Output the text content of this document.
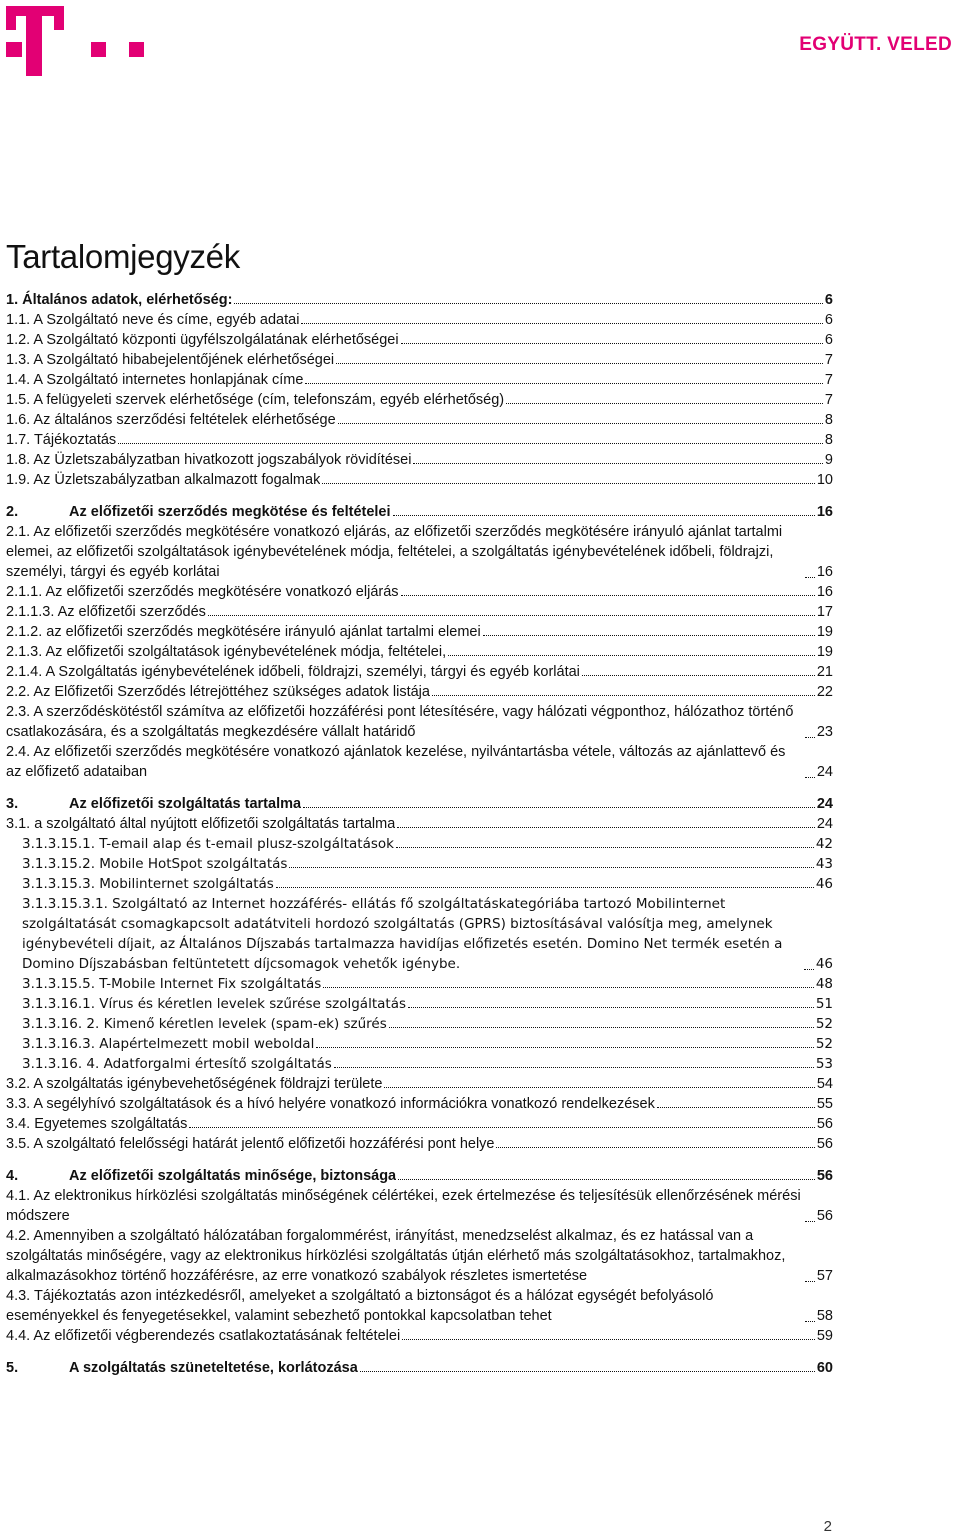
EGYÜTT. VELED
Tartalomjegyzék
1. Általános adatok, elérhetőség:	6
1.1. A Szolgáltató neve és címe, egyéb adatai	6
1.2. A Szolgáltató központi ügyfélszolgálatának elérhetőségei	6
1.3. A Szolgáltató hibabejelentőjének elérhetőségei	7
1.4. A Szolgáltató internetes honlapjának címe	7
1.5. A felügyeleti szervek elérhetősége (cím, telefonszám, egyéb elérhetőség)	7
1.6. Az általános szerződési feltételek elérhetősége	8
1.7. Tájékoztatás	8
1.8. Az Üzletszabályzatban hivatkozott jogszabályok rövidítései	9
1.9. Az Üzletszabályzatban alkalmazott fogalmak	10
2.	Az előfizetői szerződés megkötése és feltételei	16
2.1. Az előfizetői szerződés megkötésére vonatkozó eljárás, az előfizetői szerződés megkötésére irányuló ajánlat tartalmi elemei, az előfizetői szolgáltatások igénybevételének módja, feltételei, a szolgáltatás igénybevételének időbeli, földrajzi, személyi, tárgyi és egyéb korlátai	16
2.1.1. Az előfizetői szerződés megkötésére vonatkozó eljárás	16
2.1.1.3. Az előfizetői szerződés	17
2.1.2. az előfizetői szerződés megkötésére irányuló ajánlat tartalmi elemei	19
2.1.3. Az előfizetői szolgáltatások igénybevételének módja, feltételei,	19
2.1.4. A Szolgáltatás igénybevételének időbeli, földrajzi, személyi, tárgyi és egyéb korlátai	21
2.2. Az Előfizetői Szerződés létrejöttéhez szükséges adatok listája	22
2.3. A szerződéskötéstől számítva az előfizetői hozzáférési pont létesítésére, vagy hálózati végponthoz, hálózathoz történő csatlakozására, és a szolgáltatás megkezdésére vállalt határidő	23
2.4. Az előfizetői szerződés megkötésére vonatkozó ajánlatok kezelése, nyilvántartásba vétele, változás az ajánlattevő és az előfizető adataiban	24
3.	Az előfizetői szolgáltatás tartalma	24
3.1. a szolgáltató által nyújtott előfizetői szolgáltatás tartalma	24
3.1.3.15.1. T-email alap és t-email plusz-szolgáltatások	42
3.1.3.15.2. Mobile HotSpot szolgáltatás	43
3.1.3.15.3. Mobilinternet szolgáltatás	46
3.1.3.15.3.1. Szolgáltató az Internet hozzáférés- ellátás fő szolgáltatáskategóriába tartozó Mobilinternet szolgáltatását csomagkapcsolt adatátviteli hordozó szolgáltatás (GPRS) biztosításával valósítja meg, amelynek igénybevételi díjait, az Általános Díjszabás tartalmazza havidíjas előfizetés esetén. Domino Net termék esetén a Domino Díjszabásban feltüntetett díjcsomagok vehetők igénybe.	46
3.1.3.15.5. T-Mobile Internet Fix szolgáltatás	48
3.1.3.16.1. Vírus és kéretlen levelek szűrése szolgáltatás	51
3.1.3.16. 2. Kimenő kéretlen levelek (spam-ek) szűrés	52
3.1.3.16.3. Alapértelmezett mobil weboldal	52
3.1.3.16. 4. Adatforgalmi értesítő szolgáltatás	53
3.2. A szolgáltatás igénybevehetőségének földrajzi területe	54
3.3. A segélyhívó szolgáltatások és a hívó helyére vonatkozó információkra vonatkozó rendelkezések	55
3.4. Egyetemes szolgáltatás	56
3.5. A szolgáltató felelősségi határát jelentő előfizetői hozzáférési pont helye	56
4.	Az előfizetői szolgáltatás minősége, biztonsága	56
4.1. Az elektronikus hírközlési szolgáltatás minőségének célértékei, ezek értelmezése és teljesítésük ellenőrzésének mérési módszere	56
4.2. Amennyiben a szolgáltató hálózatában forgalommérést, irányítást, menedzselést alkalmaz, és ez hatással van a szolgáltatás minőségére, vagy az elektronikus hírközlési szolgáltatás útján elérhető más szolgáltatásokhoz, tartalmakhoz, alkalmazásokhoz történő hozzáférésre, az erre vonatkozó szabályok részletes ismertetése	57
4.3. Tájékoztatás azon intézkedésről, amelyeket a szolgáltató a biztonságot és a hálózat egységét befolyásoló eseményekkel és fenyegetésekkel, valamint sebezhető pontokkal kapcsolatban tehet	58
4.4. Az előfizetői végberendezés csatlakoztatásának feltételei	59
5.	A szolgáltatás szüneteltetése, korlátozása	60
2
